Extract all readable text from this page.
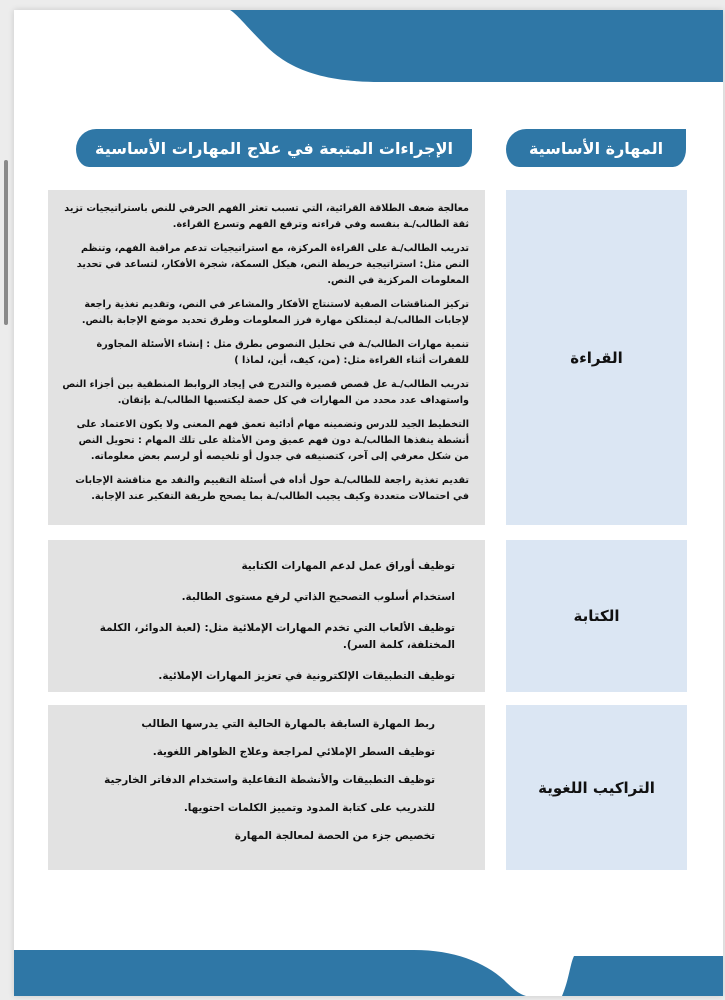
المهارة الأساسية
الإجراءات المتبعة في علاج المهارات الأساسية
القراءة

معالجة ضعف الطلاقة القرائية، التي تسبب تعثر الفهم الحرفي للنص باستراتيجيات تزيد ثقة الطالب/ـة بنفسه وفي قراءته وترفع الفهم وتسرع القراءة.

تدريب الطالب/ـة على القراءة المركزة، مع استراتيجيات تدعم مراقبة الفهم، وتنظم النص مثل: استراتيجية خريطة النص، هيكل السمكة، شجرة الأفكار، لتساعد في تحديد المعلومات المركزية في النص.

تركيز المناقشات الصفية لاستنتاج الأفكار والمشاعر في النص، وتقديم تغذية راجعة لإجابات الطالب/ـة ليمتلكن مهارة فرز المعلومات وطرق تحديد موضع الإجابة بالنص.

تنمية مهارات الطالب/ـة في تحليل النصوص بطرق مثل : إنشاء الأسئلة المجاورة للفقرات أثناء القراءة مثل: (من، كيف، أين، لماذا )

تدريب الطالب/ـة عل قصص قصيرة والتدرج في إيجاد الروابط المنطقية بين أجزاء النص واستهداف عدد محدد من المهارات في كل حصة ليكتسبها الطالب/ـة بإتقان.

التخطيط الجيد للدرس وتضمينه مهام أدائية تعمق فهم المعنى ولا يكون الاعتماد على أنشطة ينفذها الطالب/ـة دون فهم عميق ومن الأمثلة على تلك المهام : تحويل النص من شكل معرفي إلى آخر، كتصنيفه في جدول أو تلخيصه أو لرسم بعض معلوماته.

تقديم تغذية راجعة للطالب/ـة حول أداه في أسئلة التقييم والنقد مع مناقشة الإجابات في احتمالات متعددة وكيف يجيب الطالب/ـة بما يصحح طريقة التفكير عند الإجابة.

الكتابة

توظيف أوراق عمل لدعم المهارات الكتابية

استخدام أسلوب التصحيح الذاتي لرفع مستوى الطالبة.

توظيف الألعاب التي تخدم المهارات الإملائية مثل: (لعبة الدوائر، الكلمة المختلفة، كلمة السر).

توظيف التطبيقات الإلكترونية في تعزيز المهارات الإملائية.

التراكيب اللغوية

ربط المهارة السابقة بالمهارة الحالية التي يدرسها الطالب

توظيف السطر الإملائي لمراجعة وعلاج الظواهر اللغوية.

توظيف التطبيقات والأنشطة التفاعلية واستخدام الدفاتر الخارجية

للتدريب على كتابة المدود وتمييز الكلمات احتويها.

تخصيص جزء من الحصة لمعالجة المهارة
